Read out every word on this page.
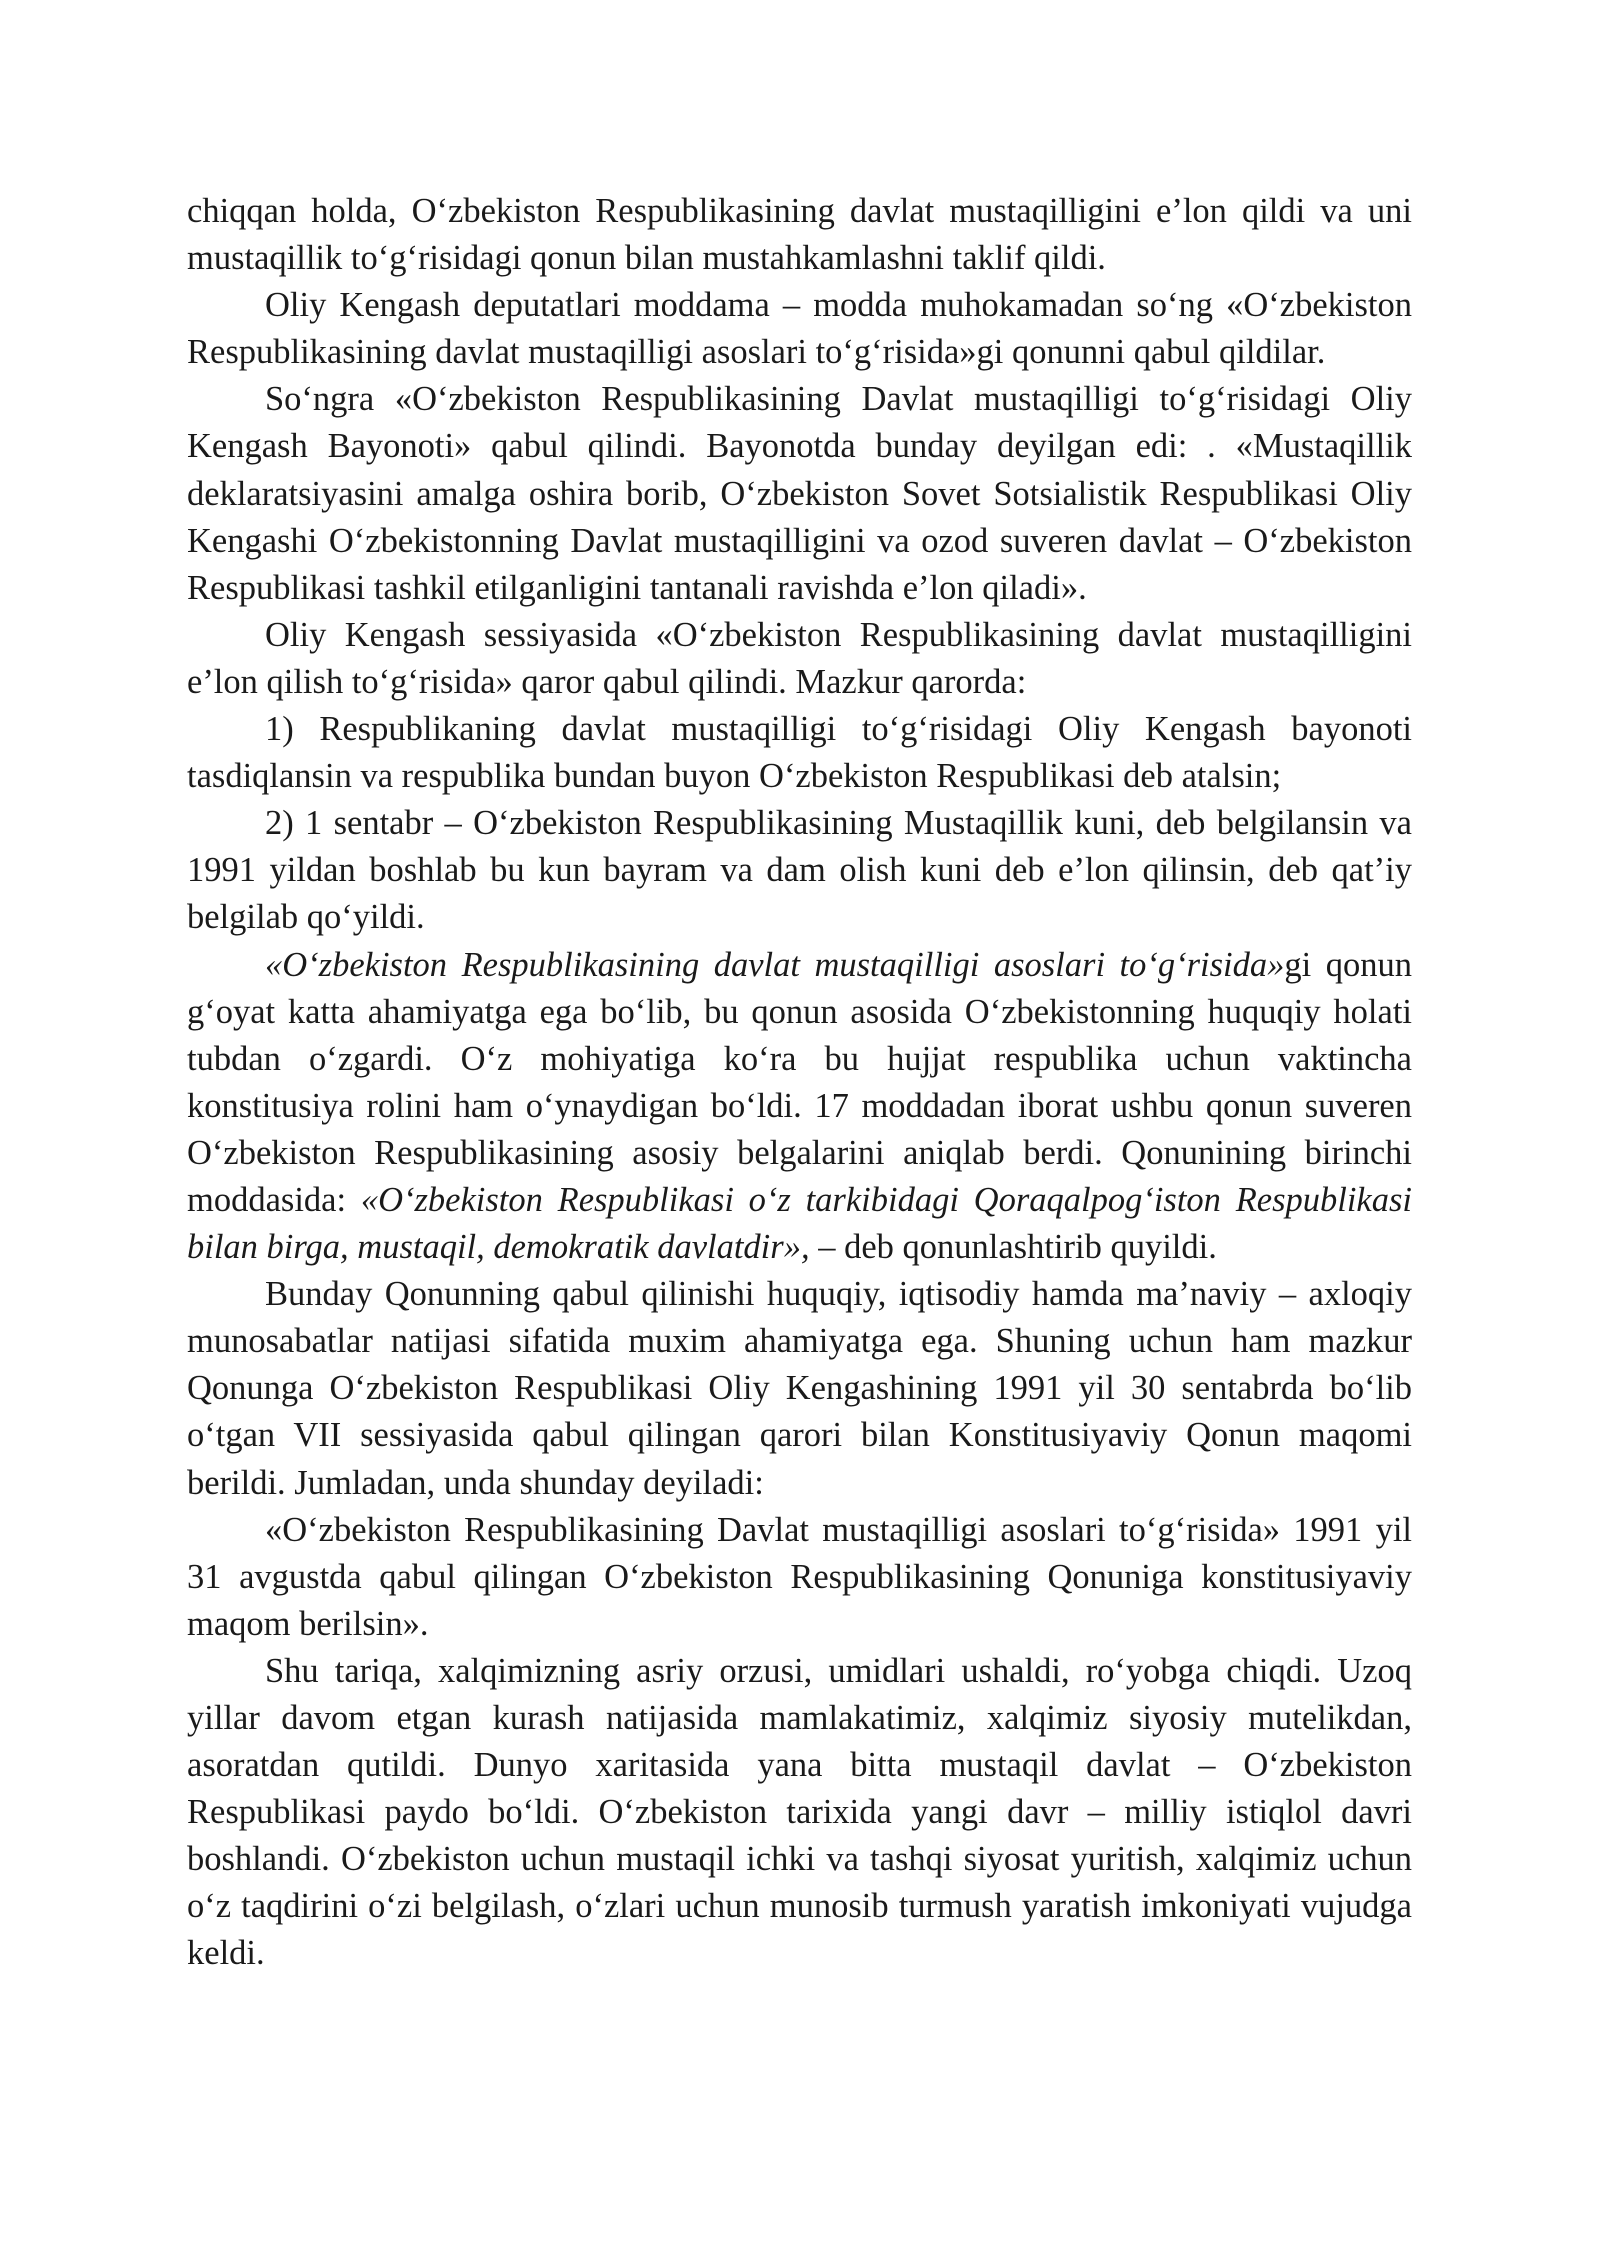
chiqqan holda, O‘zbekiston Respublikasining davlat mustaqilligini e’lon qildi va uni mustaqillik to‘g‘risidagi qonun bilan mustahkamlashni taklif qildi.

Oliy Kengash deputatlari moddama – modda muhokamadan so‘ng «O‘zbekiston Respublikasining davlat mustaqilligi asoslari to‘g‘risida»gi qonunni qabul qildilar.

So‘ngra «O‘zbekiston Respublikasining Davlat mustaqilligi to‘g‘risidagi Oliy Kengash Bayonoti» qabul qilindi. Bayonotda bunday deyilgan edi: . «Mustaqillik deklaratsiyasini amalga oshira borib, O‘zbekiston Sovet Sotsialistik Respublikasi Oliy Kengashi O‘zbekistonning Davlat mustaqilligini va ozod suveren davlat – O‘zbekiston Respublikasi tashkil etilganligini tantanali ravishda e’lon qiladi».

Oliy Kengash sessiyasida «O‘zbekiston Respublikasining davlat mustaqilligini e’lon qilish to‘g‘risida» qaror qabul qilindi. Mazkur qarorda:

1) Respublikaning davlat mustaqilligi to‘g‘risidagi Oliy Kengash bayonoti tasdiqlansin va respublika bundan buyon O‘zbekiston Respublikasi deb atalsin;

2) 1 sentabr – O‘zbekiston Respublikasining Mustaqillik kuni, deb belgilansin va 1991 yildan boshlab bu kun bayram va dam olish kuni deb e’lon qilinsin, deb qat’iy belgilab qo‘yildi.

«O‘zbekiston Respublikasining davlat mustaqilligi asoslari to‘g‘risida»gi qonun g‘oyat katta ahamiyatga ega bo‘lib, bu qonun asosida O‘zbekistonning huquqiy holati tubdan o‘zgardi. O‘z mohiyatiga ko‘ra bu hujjat respublika uchun vaktincha konstitusiya rolini ham o‘ynaydigan bo‘ldi. 17 moddadan iborat ushbu qonun suveren O‘zbekiston Respublikasining asosiy belgalarini aniqlab berdi. Qonunining birinchi moddasida: «O‘zbekiston Respublikasi o‘z tarkibidagi Qoraqalpog‘iston Respublikasi bilan birga, mustaqil, demokratik davlatdir», – deb qonunlashtirib quyildi.

Bunday Qonunning qabul qilinishi huquqiy, iqtisodiy hamda ma’naviy – axloqiy munosabatlar natijasi sifatida muxim ahamiyatga ega. Shuning uchun ham mazkur Qonunga O‘zbekiston Respublikasi Oliy Kengashining 1991 yil 30 sentabrda bo‘lib o‘tgan VII sessiyasida qabul qilingan qarori bilan Konstitusiyaviy Qonun maqomi berildi. Jumladan, unda shunday deyiladi:

«O‘zbekiston Respublikasining Davlat mustaqilligi asoslari to‘g‘risida» 1991 yil 31 avgustda qabul qilingan O‘zbekiston Respublikasining Qonuniga konstitusiyaviy maqom berilsin».

Shu tariqa, xalqimizning asriy orzusi, umidlari ushaldi, ro‘yobga chiqdi. Uzoq yillar davom etgan kurash natijasida mamlakatimiz, xalqimiz siyosiy mutelikdan, asoratdan qutildi. Dunyo xaritasida yana bitta mustaqil davlat – O‘zbekiston Respublikasi paydo bo‘ldi. O‘zbekiston tarixida yangi davr – milliy istiqlol davri boshlandi. O‘zbekiston uchun mustaqil ichki va tashqi siyosat yuritish, xalqimiz uchun o‘z taqdirini o‘zi belgilash, o‘zlari uchun munosib turmush yaratish imkoniyati vujudga keldi.
